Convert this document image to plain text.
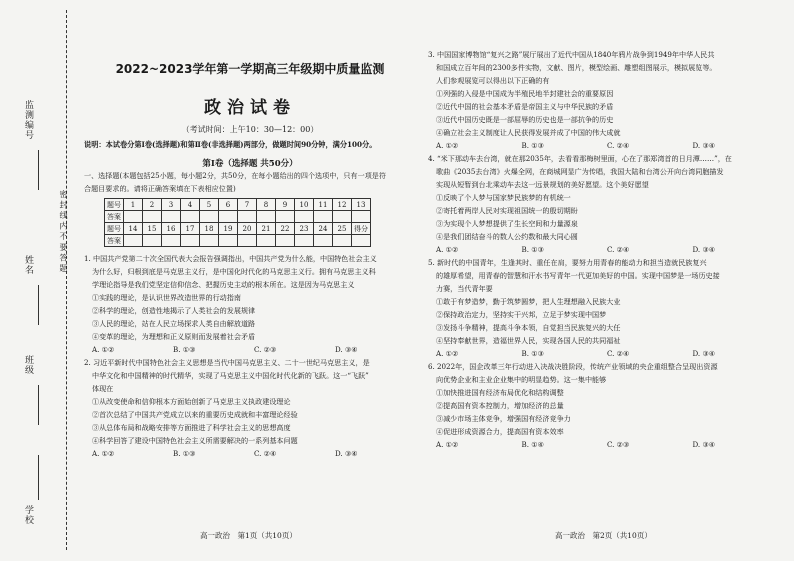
监测编号
姓名
班级
学校
密 封 线 内 不 要 答 题
2022~2023学年第一学期高三年级期中质量监测
政治试卷
（考试时间：上午10：30—12：00）
说明：本试卷分第Ⅰ卷(选择题)和第Ⅱ卷(非选择题)两部分，做题时间90分钟，满分100分。
第Ⅰ卷（选择题 共50分）
一、选择题(本题包括25小题，每小题2分，共50分，在每小题给出的四个选项中，只有一项是符
合题目要求的。请将正确答案填在下表相应位置)
题号	1	2	3	4	5	6	7	8	9	10	11	12	13
答案													
题号	14	15	16	17	18	19	20	21	22	23	24	25	得分
答案													
1. 中国共产党第二十次全国代表大会报告强调指出，中国共产党为什么能，中国特色社会主义
为什么好，归根到底是马克思主义行，是中国化时代化的马克思主义行。拥有马克思主义科
学理论指导是我们党坚定信仰信念、把握历史主动的根本所在。这是因为马克思主义
①实践的理论，是认识世界改造世界的行动指南
②科学的理论，创造性地揭示了人类社会的发展规律
③人民的理论，站在人民立场探求人类自由解放道路
④变革的理论，为理想和正义原则而发展着社会矛盾
A. ①②	B. ①③	C. ②③	D. ③④
2. 习近平新时代中国特色社会主义思想是当代中国马克思主义、二十一世纪马克思主义，是
中华文化和中国精神的时代精华，实现了马克思主义中国化时代化新的飞跃。这一“飞跃”
体现在
①从改变使命和信仰根本方面始创新了马克思主义执政建设理论
②首次总结了中国共产党成立以来的重要历史成就和丰富理论经验
③从总体布局和战略安排等方面推进了科学社会主义的思想高度
④科学回答了建设中国特色社会主义所需要解决的一系列基本问题
A. ①②	B. ①③	C. ②④	D. ③④
高一政治　第1页（共10页）
3. 中国国家博物馆“复兴之路”展厅展出了近代中国从1840年鸦片战争到1949年中华人民共
和国成立百年间的2300多件实物，文献、图片，模型绘画、雕塑组图展示，模拟展览等。
人们参观展览可以得出以下正确的有
①列强的入侵是中国成为半殖民地半封建社会的重要原因
②近代中国的社会基本矛盾是帝国主义与中华民族的矛盾
③近代中国历史既是一部屈辱的历史也是一部抗争的历史
④确立社会主义制度让人民获得发展并成了中国的伟大成就
A. ①②	B. ①③	C. ②④	D. ③④
4. “米下那动车去台湾，就在那2035年，去看看那梅树里面，心在了那郑湾首的日月潭……”，在
歌曲《2035去台湾》火爆全网，在商城网显广为传唱，我国大陆和台湾公开向台湾同胞描发
实现从短暂到台北乘动车去这一远景规划的美好愿望。这个美好愿望
①反映了个人梦与国家梦民族梦的有机统一
②寄托着两岸人民对实现祖国统一的殷切期盼
③为实现个人梦想提供了生长空间和力量源泉
④是我们团结奋斗的数人公约数和最大同心圆
A. ①②	B. ①③	C. ②④	D. ③④
5. 新时代的中国青年，生逢其时、重任在肩，要努力用青春的能动力和担当造就民族复兴
的雄厚希望，用青春的智慧和汗水书写青年一代更加美好的中国。实现中国梦是一场历史接
力赛，当代青年要
①敢于有梦造梦，勤于筑梦圆梦，把人生理想融入民族大业
②保持政治定力，坚持实干兴邦，立足于梦实现中国梦
③发扬斗争精神，提高斗争本领，自觉担当民族复兴的大任
④坚持奉献世界，造福世界人民，实现各国人民的共同福祉
A. ①②	B. ①③	C. ②④	D. ③④
6. 2022年，国企改革三年行动进入决战决胜阶段，传统产业领域的央企重组整合呈现出资源
向优势企业和主业企业集中的明显趋势。这一集中能够
①加快推进国有经济布局优化和结构调整
②提高国有资本控制力，增加经济的总量
③减少市场主体竞争，增强国有经济竞争力
④促进形成资源合力，提高国有资本效率
A. ①②	B. ①④	C. ②③	D. ③④
高一政治　第2页（共10页）
